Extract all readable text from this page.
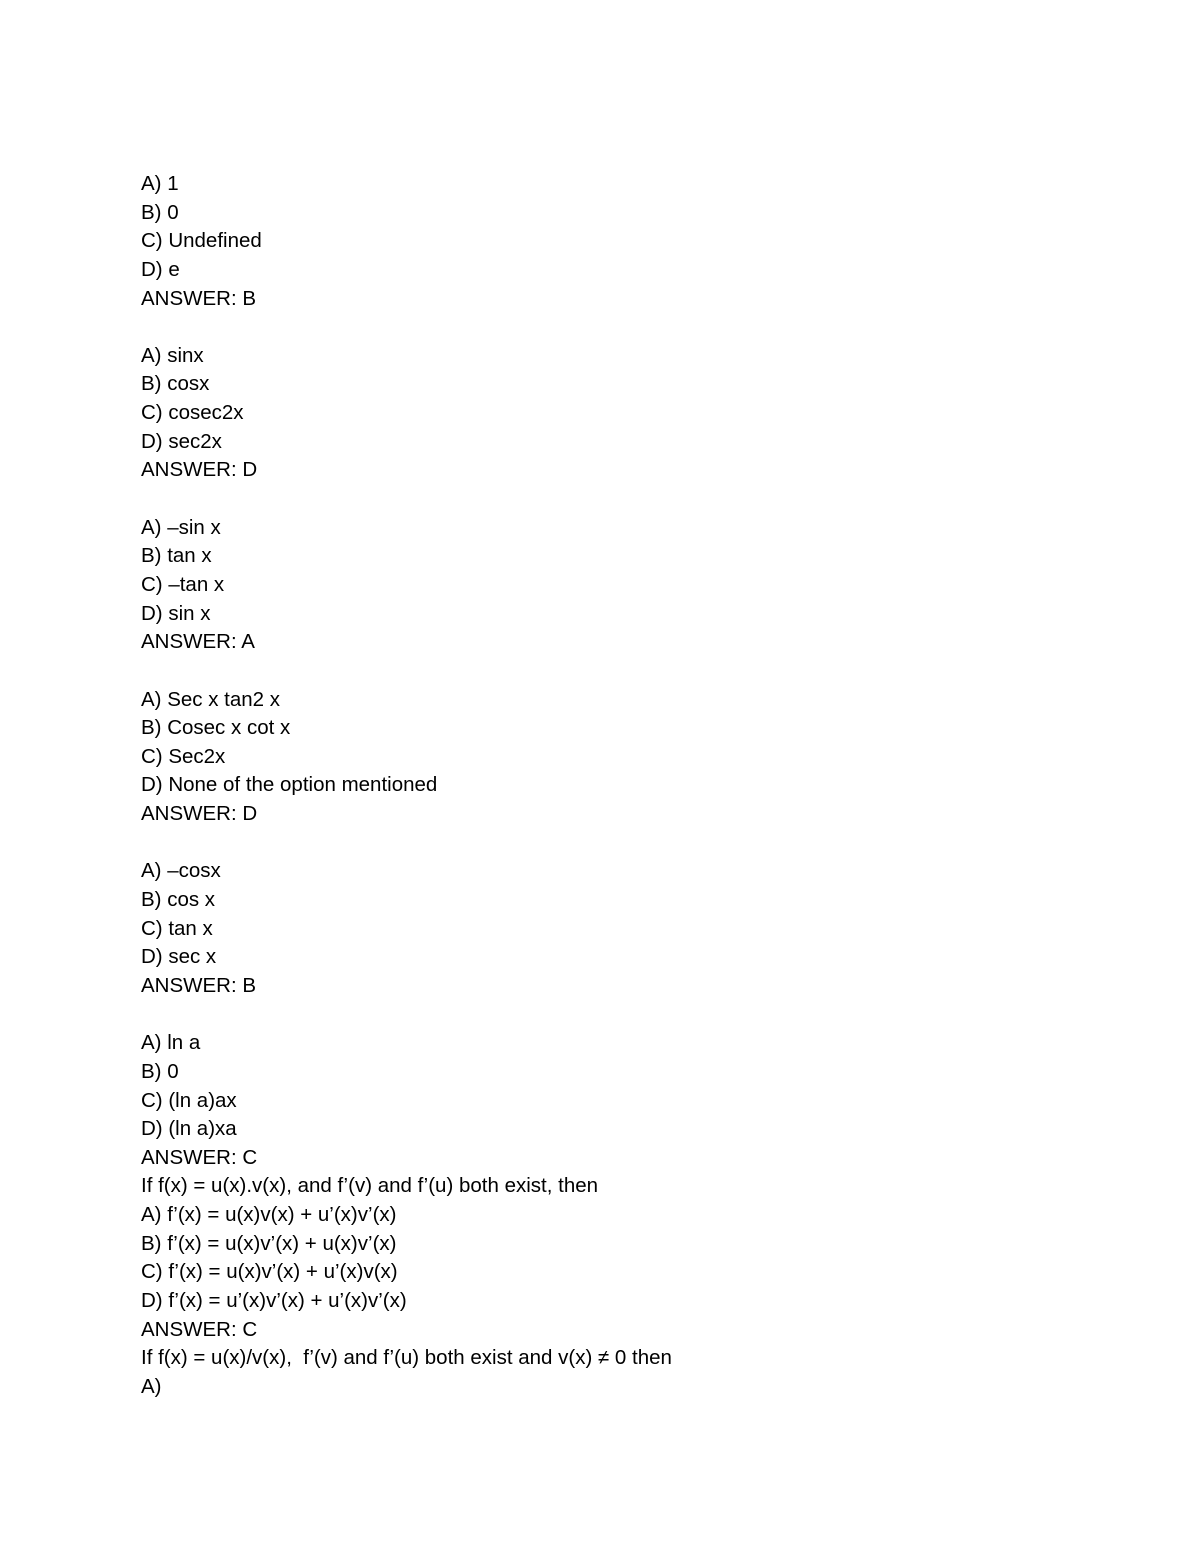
A) 1
B) 0
C) Undefined
D) e
ANSWER: B
A) sinx
B) cosx
C) cosec2x
D) sec2x
ANSWER: D
A) –sin x
B) tan x
C) –tan x
D) sin x
ANSWER: A
A) Sec x tan2 x
B) Cosec x cot x
C) Sec2x
D) None of the option mentioned
ANSWER: D
A) –cosx
B) cos x
C) tan x
D) sec x
ANSWER: B
A) ln a
B) 0
C) (ln a)ax
D) (ln a)xa
ANSWER: C
If f(x) = u(x).v(x), and f’(v) and f’(u) both exist, then
A) f’(x) = u(x)v(x) + u’(x)v’(x)
B) f’(x) = u(x)v’(x) + u(x)v’(x)
C) f’(x) = u(x)v’(x) + u’(x)v(x)
D) f’(x) = u’(x)v’(x) + u’(x)v’(x)
ANSWER: C
If f(x) = u(x)/v(x),  f’(v) and f’(u) both exist and v(x) ≠ 0 then
A)
